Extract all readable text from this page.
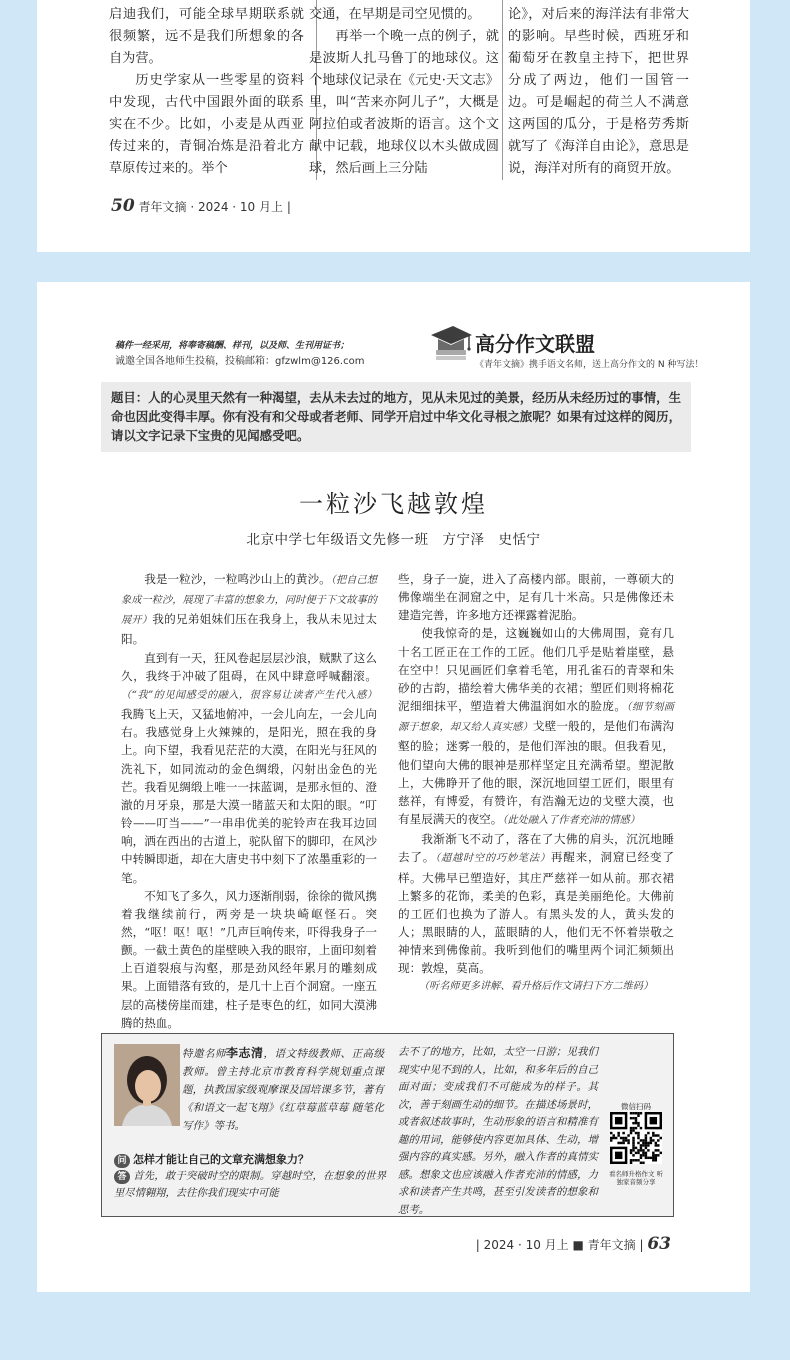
启迪我们，可能全球早期联系就很频繁，远不是我们所想象的各自为营。

历史学家从一些零星的资料中发现，古代中国跟外面的联系实在不少。比如，小麦是从西亚传过来的，青铜冶炼是沿着北方草原传过来的。举个

交通，在早期是司空见惯的。

再举一个晚一点的例子，就是波斯人扎马鲁丁的地球仪。这个地球仪记录在《元史·天文志》里，叫“苦来亦阿儿子”，大概是阿拉伯或者波斯的语言。这个文献中记载，地球仪以木头做成圆球，然后画上三分陆

论》，对后来的海洋法有非常大的影响。早些时候，西班牙和葡萄牙在教皇主持下，把世界分成了两边，他们一国管一边。可是崛起的荷兰人不满意这两国的瓜分，于是格劳秀斯就写了《海洋自由论》，意思是说，海洋对所有的商贸开放。

50 青年文摘 · 2024 · 10 月上 |
稿件一经采用，将奉寄稿酬、样刊，以及师、生刊用证书；
诚邀全国各地师生投稿，投稿邮箱：gfzwlm@126.com
高分作文联盟
《青年文摘》携手语文名师，送上高分作文的 N 种写法！
题目：人的心灵里天然有一种渴望，去从未去过的地方，见从未见过的美景，经历从未经历过的事情，生命也因此变得丰厚。你有没有和父母或者老师、同学开启过中华文化寻根之旅呢？如果有过这样的阅历，请以文字记录下宝贵的见闻感受吧。
一粒沙飞越敦煌
北京中学七年级语文先修一班　方宁泽　史恬宁

我是一粒沙，一粒鸣沙山上的黄沙。（把自己想象成一粒沙，展现了丰富的想象力，同时便于下文故事的展开）我的兄弟姐妹们压在我身上，我从未见过太阳。

直到有一天，狂风卷起层层沙浪，贼默了这么久，我终于冲破了阻碍，在风中肆意呼喊翻滚。（“我”的见闻感受的融入，很容易让读者产生代入感）我腾飞上天，又猛地俯冲，一会儿向左，一会儿向右。我感觉身上火辣辣的，是阳光，照在我的身上。向下望，我看见茫茫的大漠，在阳光与狂风的洗礼下，如同流动的金色绸缎，闪射出金色的光芒。我看见绸缎上唯一一抹蓝调，是那永恒的、澄澈的月牙泉，那是大漠一睹蓝天和太阳的眼。“叮铃——叮当——”一串串优美的驼铃声在我耳边回响，洒在西出的古道上，驼队留下的脚印，在风沙中转瞬即逝，却在大唐史书中刻下了浓墨重彩的一笔。

不知飞了多久，风力逐渐削弱，徐徐的微风携着我继续前行，两旁是一块块崎岖怪石。突然，“呕！呕！呕！”几声巨响传来，吓得我身子一颤。一截土黄色的崖壁映入我的眼帘，上面印刻着上百道裂痕与沟壑，那是劲风经年累月的雕刻成果。上面错落有致的，是几十上百个洞窟。一座五层的高楼傍崖而建，柱子是枣色的红，如同大漠沸腾的热血。

些，身子一旋，进入了高楼内部。眼前，一尊硕大的佛像端坐在洞窟之中，足有几十米高。只是佛像还未建造完善，许多地方还裸露着泥胎。

使我惊奇的是，这巍巍如山的大佛周围，竟有几十名工匠正在工作的工匠。他们几乎是贴着崖壁，悬在空中！只见画匠们拿着毛笔，用孔雀石的青翠和朱砂的古韵，描绘着大佛华美的衣裙；塑匠们则将棉花泥细细抹平，塑造着大佛温润如水的脸庞。（细节刻画源于想象，却又给人真实感）戈壁一般的，是他们布满沟壑的脸；迷雾一般的，是他们浑浊的眼。但我看见，他们望向大佛的眼神是那样坚定且充满希望。塑泥散上，大佛睁开了他的眼，深沉地回望工匠们，眼里有慈祥，有博爱，有赞许，有浩瀚无边的戈壁大漠，也有星辰满天的夜空。（此处融入了作者充沛的情感）

我渐渐飞不动了，落在了大佛的肩头，沉沉地睡去了。（超越时空的巧妙笔法）再醒来，洞窟已经变了样。大佛早已塑造好，其庄严慈祥一如从前。那衣裙上繁多的花饰，柔美的色彩，真是美丽绝伦。大佛前的工匠们也换为了游人。有黑头发的人，黄头发的人；黑眼睛的人，蓝眼睛的人，他们无不怀着崇敬之神情来到佛像前。我听到他们的嘴里两个词汇频频出现：敦煌，莫高。

（听名师更多讲解、看升格后作文请扫下方二维码）

特邀名师李志清，语文特级教师、正高级教师。曾主持北京市教育科学规划重点课题，执教国家级观摩课及国培课多节，著有《和语文一起飞翔》《红草莓蓝草莓 随笔化写作》等书。
问 怎样才能让自己的文章充满想象力？
答 首先，敢于突破时空的限制。穿越时空，在想象的世界里尽情翱翔，去往你我们现实中可能
去不了的地方，比如，太空一日游；见我们现实中见不到的人，比如，和多年后的自己面对面；变成我们不可能成为的样子。其次，善于刻画生动的细节。在描述场景时，或者叙述故事时，生动形象的语言和精准有趣的用词，能够使内容更加具体、生动，增强内容的真实感。另外，融入作者的真情实感。想象文也应该融入作者充沛的情感，力求和读者产生共鸣，甚至引发读者的想象和思考。
微信扫码
看名师升格作文 听独家音频分享
| 2024 · 10 月上 ■ 青年文摘 | 63
